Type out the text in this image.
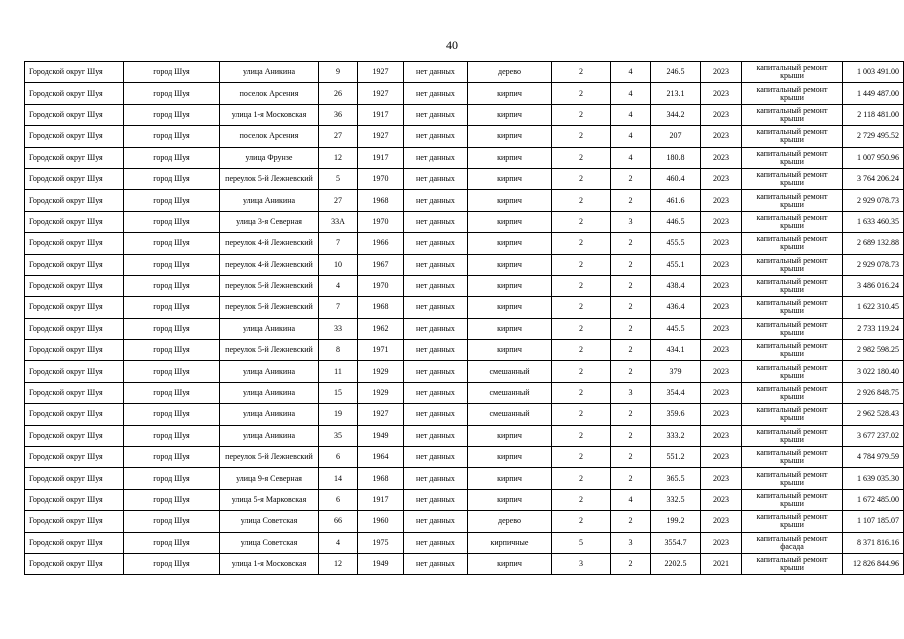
40
Городской округ Шуя	город Шуя	улица Аникина	9	1927	нет данных	дерево	2	4	246.5	2023	капитальный ремонт крыши	1 003 491.00
Городской округ Шуя	город Шуя	поселок Арсения	26	1927	нет данных	кирпич	2	4	213.1	2023	капитальный ремонт крыши	1 449 487.00
Городской округ Шуя	город Шуя	улица 1-я Московская	36	1917	нет данных	кирпич	2	4	344.2	2023	капитальный ремонт крыши	2 118 481.00
Городской округ Шуя	город Шуя	поселок Арсения	27	1927	нет данных	кирпич	2	4	207	2023	капитальный ремонт крыши	2 729 495.52
Городской округ Шуя	город Шуя	улица Фрунзе	12	1917	нет данных	кирпич	2	4	180.8	2023	капитальный ремонт крыши	1 007 950.96
Городской округ Шуя	город Шуя	переулок 5-й Лежневский	5	1970	нет данных	кирпич	2	2	460.4	2023	капитальный ремонт крыши	3 764 206.24
Городской округ Шуя	город Шуя	улица Аникина	27	1968	нет данных	кирпич	2	2	461.6	2023	капитальный ремонт крыши	2 929 078.73
Городской округ Шуя	город Шуя	улица 3-я Северная	33А	1970	нет данных	кирпич	2	3	446.5	2023	капитальный ремонт крыши	1 633 460.35
Городской округ Шуя	город Шуя	переулок 4-й Лежневский	7	1966	нет данных	кирпич	2	2	455.5	2023	капитальный ремонт крыши	2 689 132.88
Городской округ Шуя	город Шуя	переулок 4-й Лежневский	10	1967	нет данных	кирпич	2	2	455.1	2023	капитальный ремонт крыши	2 929 078.73
Городской округ Шуя	город Шуя	переулок 5-й Лежневский	4	1970	нет данных	кирпич	2	2	438.4	2023	капитальный ремонт крыши	3 486 016.24
Городской округ Шуя	город Шуя	переулок 5-й Лежневский	7	1968	нет данных	кирпич	2	2	436.4	2023	капитальный ремонт крыши	1 622 310.45
Городской округ Шуя	город Шуя	улица Аникина	33	1962	нет данных	кирпич	2	2	445.5	2023	капитальный ремонт крыши	2 733 119.24
Городской округ Шуя	город Шуя	переулок 5-й Лежневский	8	1971	нет данных	кирпич	2	2	434.1	2023	капитальный ремонт крыши	2 982 598.25
Городской округ Шуя	город Шуя	улица Аникина	11	1929	нет данных	смешанный	2	2	379	2023	капитальный ремонт крыши	3 022 180.40
Городской округ Шуя	город Шуя	улица Аникина	15	1929	нет данных	смешанный	2	3	354.4	2023	капитальный ремонт крыши	2 926 848.75
Городской округ Шуя	город Шуя	улица Аникина	19	1927	нет данных	смешанный	2	2	359.6	2023	капитальный ремонт крыши	2 962 528.43
Городской округ Шуя	город Шуя	улица Аникина	35	1949	нет данных	кирпич	2	2	333.2	2023	капитальный ремонт крыши	3 677 237.02
Городской округ Шуя	город Шуя	переулок 5-й Лежневский	6	1964	нет данных	кирпич	2	2	551.2	2023	капитальный ремонт крыши	4 784 979.59
Городской округ Шуя	город Шуя	улица 9-я Северная	14	1968	нет данных	кирпич	2	2	365.5	2023	капитальный ремонт крыши	1 639 035.30
Городской округ Шуя	город Шуя	улица 5-я Марковская	6	1917	нет данных	кирпич	2	4	332.5	2023	капитальный ремонт крыши	1 672 485.00
Городской округ Шуя	город Шуя	улица Советская	66	1960	нет данных	дерево	2	2	199.2	2023	капитальный ремонт крыши	1 107 185.07
Городской округ Шуя	город Шуя	улица Советская	4	1975	нет данных	кирпичные	5	3	3554.7	2023	капитальный ремонт фасада	8 371 816.16
Городской округ Шуя	город Шуя	улица 1-я Московская	12	1949	нет данных	кирпич	3	2	2202.5	2021	капитальный ремонт крыши	12 826 844.96
